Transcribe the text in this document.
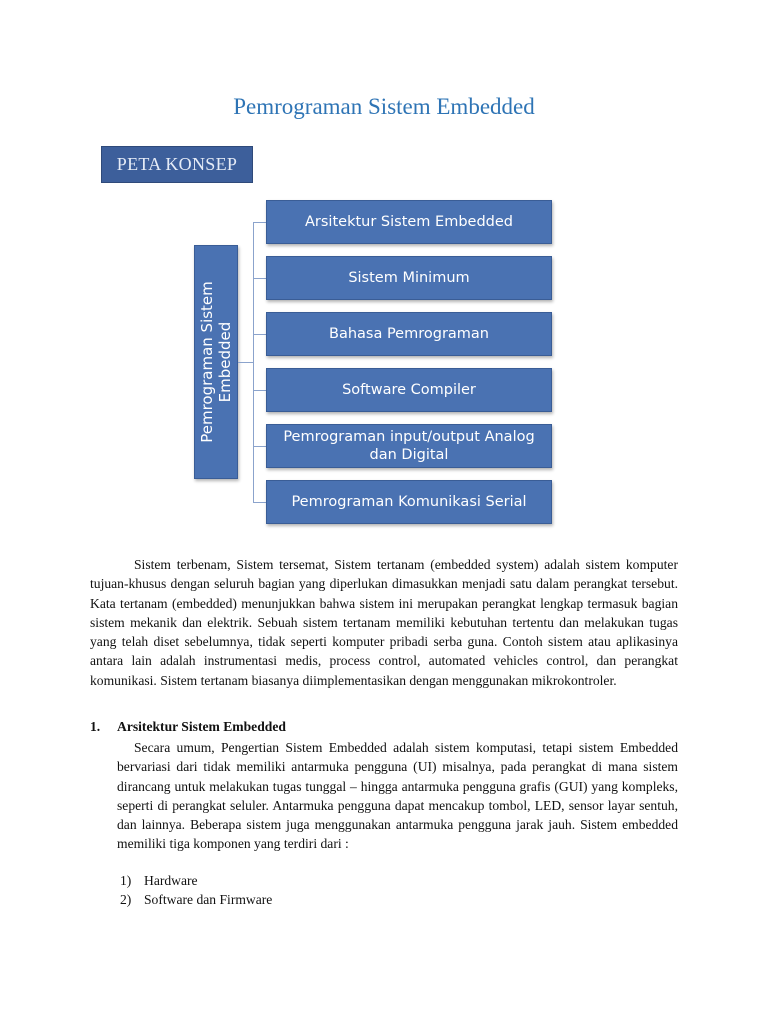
Pemrograman Sistem Embedded
PETA KONSEP
Pemrograman Sistem Embedded
Arsitektur Sistem Embedded
Sistem Minimum
Bahasa Pemrograman
Software Compiler
Pemrograman input/output Analog dan Digital
Pemrograman Komunikasi Serial

Sistem terbenam, Sistem tersemat, Sistem tertanam (embedded system) adalah sistem komputer tujuan-khusus dengan seluruh bagian yang diperlukan dimasukkan menjadi satu dalam perangkat tersebut. Kata tertanam (embedded) menunjukkan bahwa sistem ini merupakan perangkat lengkap termasuk bagian sistem mekanik dan elektrik. Sebuah sistem tertanam memiliki kebutuhan tertentu dan melakukan tugas yang telah diset sebelumnya, tidak seperti komputer pribadi serba guna. Contoh sistem atau aplikasinya antara lain adalah instrumentasi medis, process control, automated vehicles control, dan perangkat komunikasi. Sistem tertanam biasanya diimplementasikan dengan menggunakan mikrokontroler.

1. Arsitektur Sistem Embedded

Secara umum, Pengertian Sistem Embedded adalah sistem komputasi, tetapi sistem Embedded bervariasi dari tidak memiliki antarmuka pengguna (UI) misalnya, pada perangkat di mana sistem dirancang untuk melakukan tugas tunggal – hingga antarmuka pengguna grafis (GUI) yang kompleks, seperti di perangkat seluler. Antarmuka pengguna dapat mencakup tombol, LED, sensor layar sentuh, dan lainnya. Beberapa sistem juga menggunakan antarmuka pengguna jarak jauh. Sistem embedded memiliki tiga komponen yang terdiri dari :

1) Hardware
2) Software dan Firmware
